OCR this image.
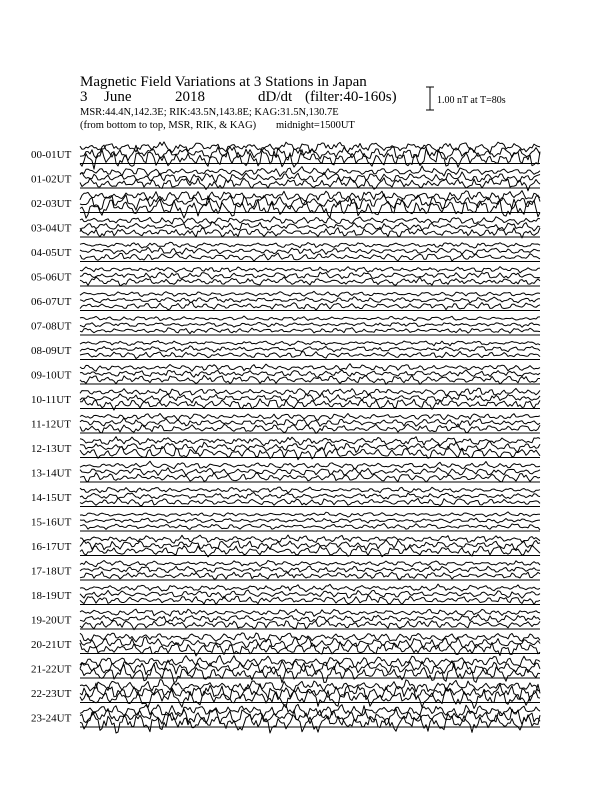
Magnetic Field Variations at 3 Stations in Japan
3 June	2018	dD/dt (filter:40-160s)
MSR:44.4N,142.3E; RIK:43.5N,143.8E; KAG:31.5N,130.7E
(from bottom to top, MSR, RIK, & KAG) midnight=1500UT
1.00 nT at T=80s
00-01UT
01-02UT
02-03UT
03-04UT
04-05UT
05-06UT
06-07UT
07-08UT
08-09UT
09-10UT
10-11UT
11-12UT
12-13UT
13-14UT
14-15UT
15-16UT
16-17UT
17-18UT
18-19UT
19-20UT
20-21UT
21-22UT
22-23UT
23-24UT
